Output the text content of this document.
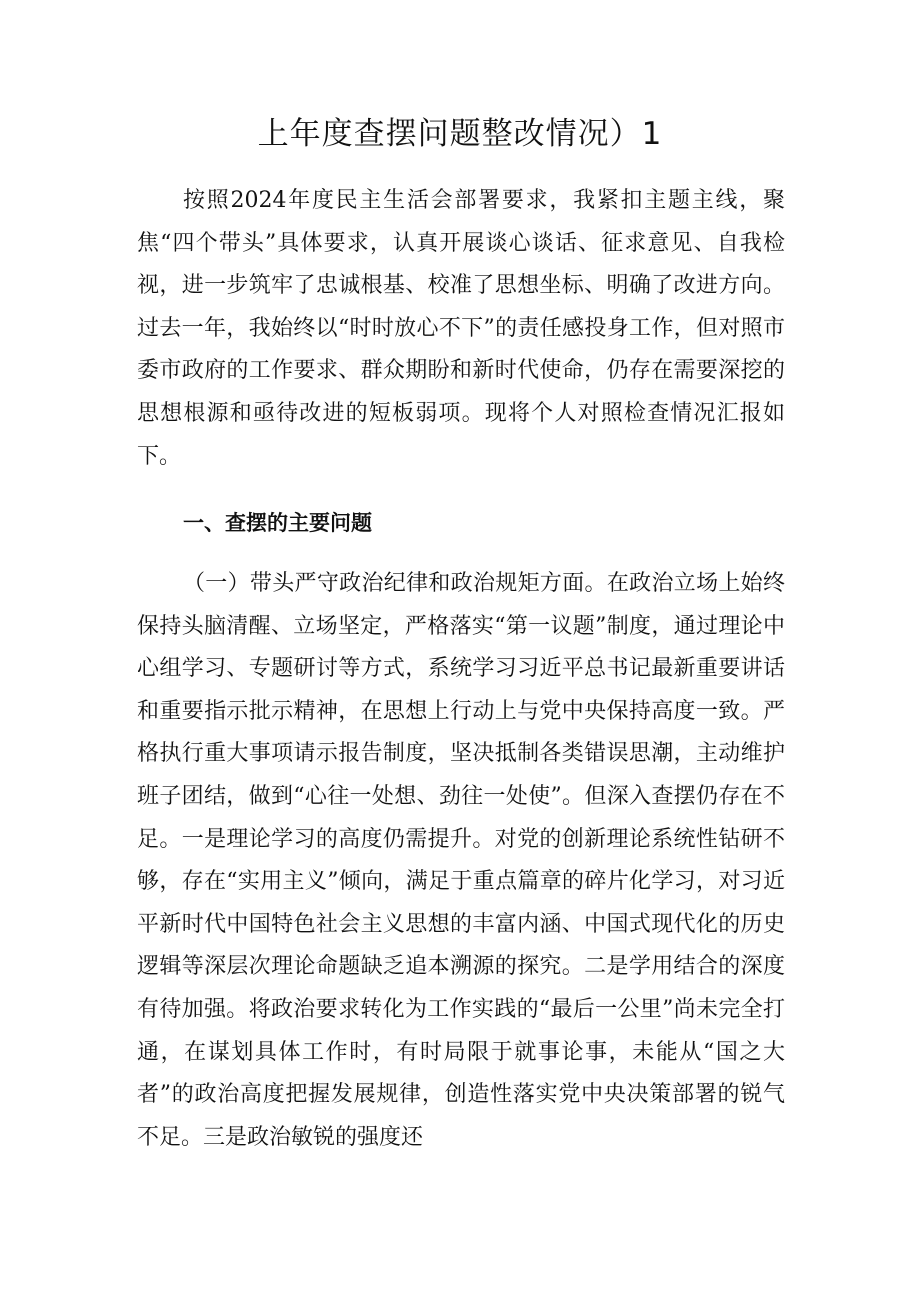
上年度查摆问题整改情况）1

按照2024年度民主生活会部署要求，我紧扣主题主线，聚焦“四个带头”具体要求，认真开展谈心谈话、征求意见、自我检视，进一步筑牢了忠诚根基、校准了思想坐标、明确了改进方向。过去一年，我始终以“时时放心不下”的责任感投身工作，但对照市委市政府的工作要求、群众期盼和新时代使命，仍存在需要深挖的思想根源和亟待改进的短板弱项。现将个人对照检查情况汇报如下。

一、查摆的主要问题

（一）带头严守政治纪律和政治规矩方面。在政治立场上始终保持头脑清醒、立场坚定，严格落实“第一议题”制度，通过理论中心组学习、专题研讨等方式，系统学习习近平总书记最新重要讲话和重要指示批示精神，在思想上行动上与党中央保持高度一致。严格执行重大事项请示报告制度，坚决抵制各类错误思潮，主动维护班子团结，做到“心往一处想、劲往一处使”。但深入查摆仍存在不足。一是理论学习的高度仍需提升。对党的创新理论系统性钻研不够，存在“实用主义”倾向，满足于重点篇章的碎片化学习，对习近平新时代中国特色社会主义思想的丰富内涵、中国式现代化的历史逻辑等深层次理论命题缺乏追本溯源的探究。二是学用结合的深度有待加强。将政治要求转化为工作实践的“最后一公里”尚未完全打通，在谋划具体工作时，有时局限于就事论事，未能从“国之大者”的政治高度把握发展规律，创造性落实党中央决策部署的锐气不足。三是政治敏锐的强度还
